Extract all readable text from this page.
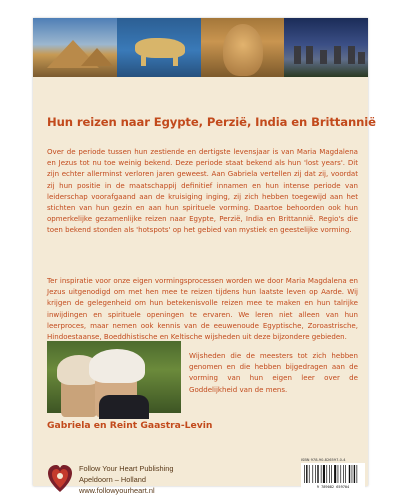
Hun reizen naar Egypte, Perzië, India en Brittannië

Over de periode tussen hun zestiende en dertigste levensjaar is van Maria Magdalena en Jezus tot nu toe weinig bekend. Deze periode staat bekend als hun 'lost years'. Dit zijn echter allerminst verloren jaren geweest. Aan Gabriela vertellen zij dat zij, voordat zij hun positie in de maatschappij definitief innamen en hun intense periode van leiderschap voorafgaand aan de kruisiging inging, zij zich hebben toegewijd aan het stichten van hun gezin en aan hun spirituele vorming. Daartoe behoorden ook hun opmerkelijke gezamenlijke reizen naar Egypte, Perzië, India en Brittannië. Regio's die toen bekend stonden als 'hotspots' op het gebied van mystiek en geestelijke vorming.

Ter inspiratie voor onze eigen vormingsprocessen worden we door Maria Magdalena en Jezus uitgenodigd om met hen mee te reizen tijdens hun laatste leven op Aarde. Wij krijgen de gelegenheid om hun betekenisvolle reizen mee te maken en hun talrijke inwijdingen en spirituele openingen te ervaren. We leren niet alleen van hun leerproces, maar nemen ook kennis van de eeuwenoude Egyptische, Zoroastrische, Hindoestaanse, Boeddhistische en Keltische wijsheden uit deze bijzondere gebieden.

Wijsheden die de meesters tot zich hebben genomen en die hebben bijgedragen aan de vorming van hun eigen leer over de Goddelijkheid van de mens.

Gabriela en Reint Gaastra-Levin
Follow Your Heart Publishing
Apeldoorn – Holland
www.followyourheart.nl
ISBN 978-90-826597-0-4
9 789082 659704
